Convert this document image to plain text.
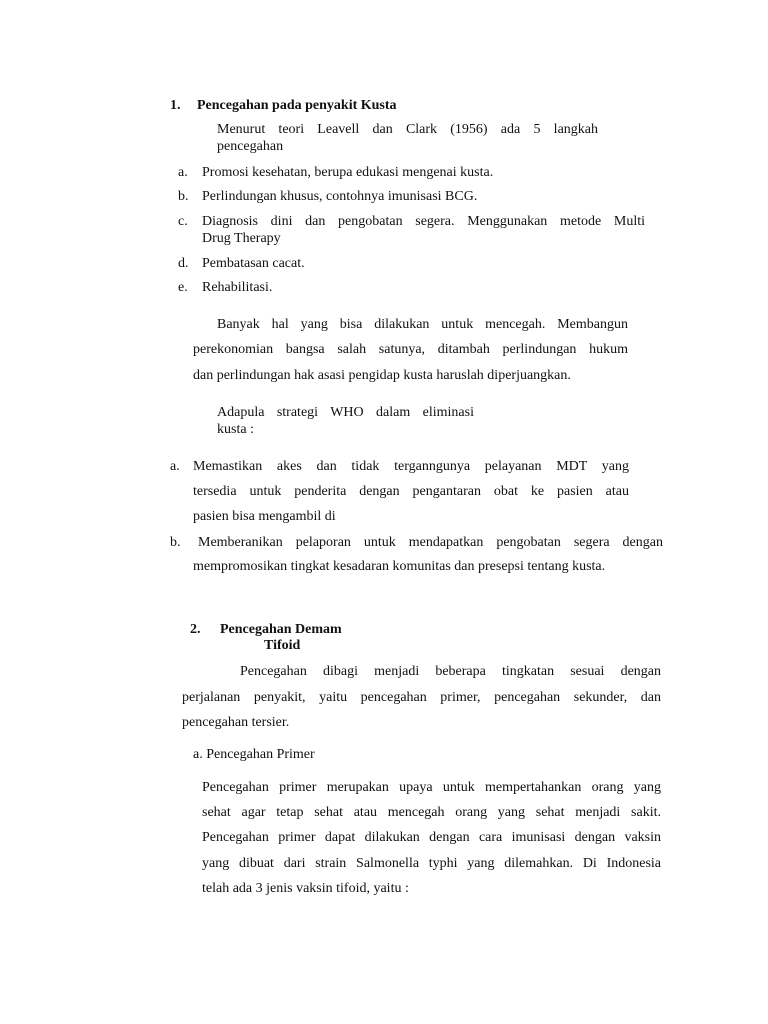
1. Pencegahan pada penyakit Kusta
Menurut teori Leavell dan Clark (1956) ada 5 langkah
pencegahan
a. Promosi kesehatan, berupa edukasi mengenai kusta.
b. Perlindungan khusus, contohnya imunisasi BCG.
c. Diagnosis dini dan pengobatan segera. Menggunakan metode Multi
Drug Therapy
d. Pembatasan cacat.
e. Rehabilitasi.
Banyak hal yang bisa dilakukan untuk mencegah. Membangun
perekonomian bangsa salah satunya, ditambah perlindungan hukum
dan perlindungan hak asasi pengidap kusta haruslah diperjuangkan.
Adapula strategi WHO dalam eliminasi
kusta :
a. Memastikan akes dan tidak terganngunya pelayanan MDT yang
tersedia untuk penderita dengan pengantaran obat ke pasien atau
pasien bisa mengambil di
b. Memberanikan pelaporan untuk mendapatkan pengobatan segera dengan
mempromosikan tingkat kesadaran komunitas dan presepsi tentang kusta.
2. Pencegahan Demam
Tifoid
Pencegahan dibagi menjadi beberapa tingkatan sesuai dengan
perjalanan penyakit, yaitu pencegahan primer, pencegahan sekunder, dan
pencegahan tersier.
a. Pencegahan Primer
Pencegahan primer merupakan upaya untuk mempertahankan orang yang
sehat agar tetap sehat atau mencegah orang yang sehat menjadi sakit.
Pencegahan primer dapat dilakukan dengan cara imunisasi dengan vaksin
yang dibuat dari strain Salmonella typhi yang dilemahkan. Di Indonesia
telah ada 3 jenis vaksin tifoid, yaitu :
